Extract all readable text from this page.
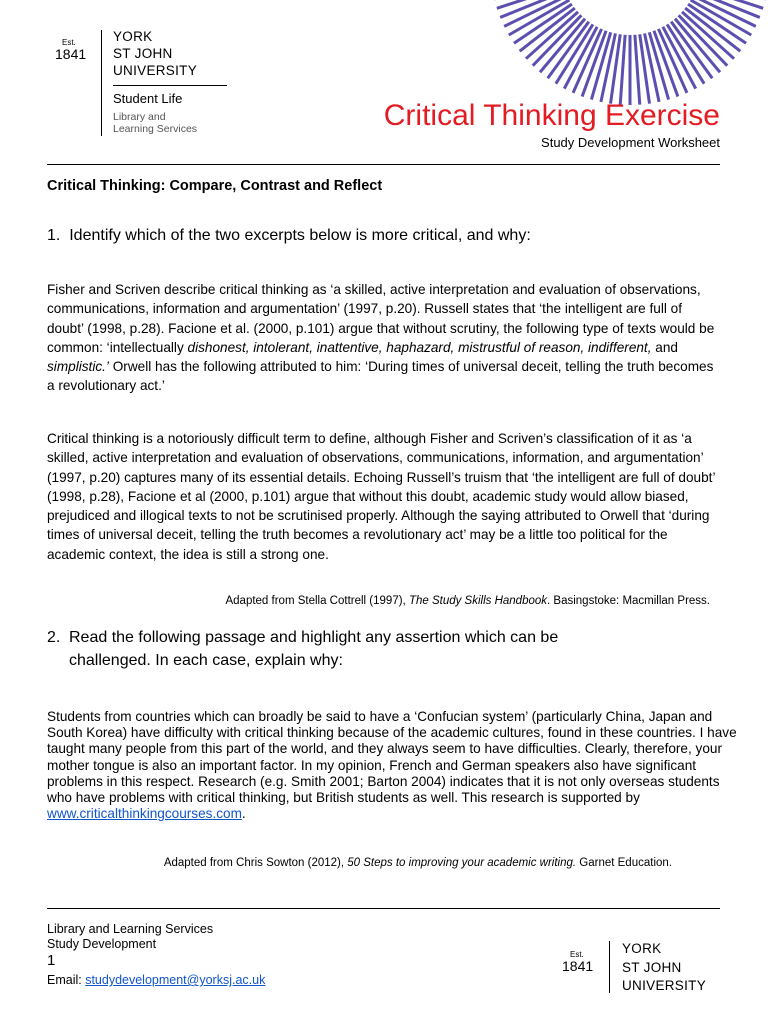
Est.
1841
YORK
ST JOHN
UNIVERSITY
Student Life
Library and
Learning Services	Critical Thinking Exercise
Study Development Worksheet
Critical Thinking: Compare, Contrast and Reflect
1. Identify which of the two excerpts below is more critical, and why:
Fisher and Scriven describe critical thinking as ‘a skilled, active interpretation and evaluation of observations, communications, information and argumentation’ (1997, p.20). Russell states that ‘the intelligent are full of doubt’ (1998, p.28). Facione et al. (2000, p.101) argue that without scrutiny, the following type of texts would be common: ‘intellectually dishonest, intolerant, inattentive, haphazard, mistrustful of reason, indifferent, and simplistic.’ Orwell has the following attributed to him: ‘During times of universal deceit, telling the truth becomes a revolutionary act.’
Critical thinking is a notoriously difficult term to define, although Fisher and Scriven’s classification of it as ‘a skilled, active interpretation and evaluation of observations, communications, information, and argumentation’ (1997, p.20) captures many of its essential details. Echoing Russell’s truism that ‘the intelligent are full of doubt’ (1998, p.28), Facione et al (2000, p.101) argue that without this doubt, academic study would allow biased, prejudiced and illogical texts to not be scrutinised properly. Although the saying attributed to Orwell that ‘during times of universal deceit, telling the truth becomes a revolutionary act’ may be a little too political for the academic context, the idea is still a strong one.
Adapted from Stella Cottrell (1997), The Study Skills Handbook. Basingstoke: Macmillan Press.
2. Read the following passage and highlight any assertion which can be
challenged. In each case, explain why:
Students from countries which can broadly be said to have a ‘Confucian system’ (particularly China, Japan and South Korea) have difficulty with critical thinking because of the academic cultures, found in these countries. I have taught many people from this part of the world, and they always seem to have difficulties. Clearly, therefore, your mother tongue is also an important factor. In my opinion, French and German speakers also have significant problems in this respect. Research (e.g. Smith 2001; Barton 2004) indicates that it is not only overseas students who have problems with critical thinking, but British students as well. This research is supported by www.criticalthinkingcourses.com.
Adapted from Chris Sowton (2012), 50 Steps to improving your academic writing. Garnet Education.
Library and Learning Services
Study Development
1
Email: studydevelopment@yorksj.ac.uk
Est.
1841
YORK
ST JOHN
UNIVERSITY
